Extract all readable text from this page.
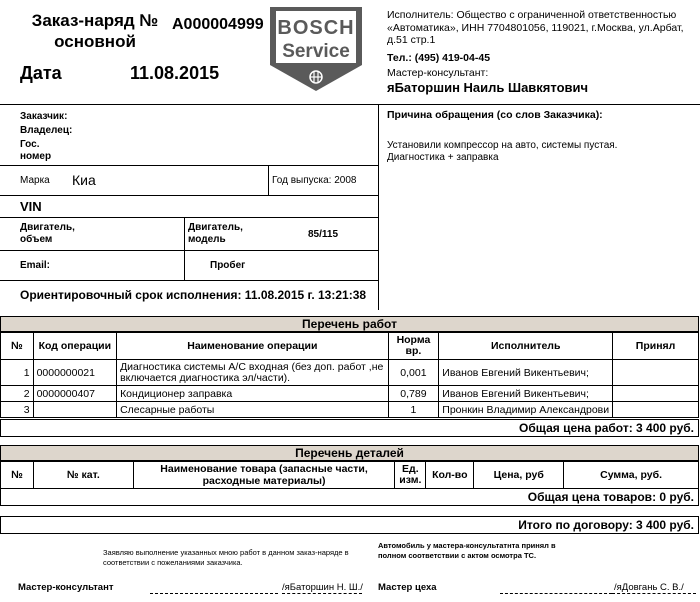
Заказ-наряд №
основной
A000004999
Дата	11.08.2015
BOSCH
Service
Исполнитель: Общество с ограниченной ответственностью «Автоматика», ИНН 7704801056, 119021, г.Москва, ул.Арбат, д.51 стр.1
Тел.: (495) 419-04-45
Мастер-консультант:
яБатоpшин Наиль Шавкятович
Заказчик:
Владелец:
Гос.
номер
Марка Киа	Год выпуска: 2008
VIN
Двигатель,
объем
Двигатель,
модель	85/115
Email:	Пробег
Ориентировочный срок исполнения: 11.08.2015 г. 13:21:38
Причина обращения (со слов Заказчика):
Установили компрессор на авто, системы пустая.
Диагностика + заправка
Перечень работ
№	Код операции	Наименование операции	Норма вр.	Исполнитель	Принял
1	0000000021	Диагностика системы A/C входная (без доп. работ ,не включается диагностика эл/части).	0,001	Иванов Евгений Викентьевич;	
2	0000000407	Кондиционер заправка	0,789	Иванов Евгений Викентьевич;	
3		Слесарные работы	1	Пронкин Владимир Александрови	
Общая цена работ: 3 400 руб.
Перечень деталей
№	№ кат.	Наименование товара (запасные части, расходные материалы)	Ед. изм.	Кол-во	Цена, руб	Сумма, руб.
Общая цена товаров: 0 руб.
Итого по договору: 3 400 руб.
Заявляю выполнение указанных мною работ в данном заказ-наряде в соответствии с пожеланиями заказчика.
Автомобиль у мастера-консультатнта принял в полном соответствии с актом осмотра ТС.
Мастер-консультант	/яБатоpшин Н. Ш./ Мастер цеха	/яДовгань С. В./
